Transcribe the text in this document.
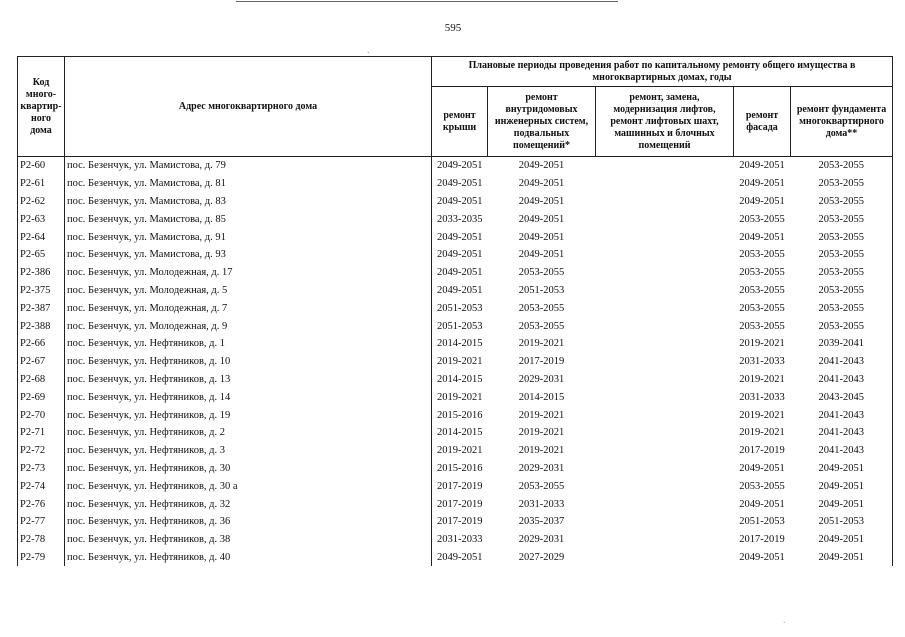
595
ˏ
Код много-квартир-ного дома	Адрес многоквартирного дома	Плановые периоды проведения работ по капитальному ремонту общего имущества в многоквартирных домах, годы				
		ремонт крыши	ремонт внутридомовых инженерных систем, подвальных помещений*	ремонт, замена, модернизация лифтов, ремонт лифтовых шахт, машинных и блочных помещений	ремонт фасада	ремонт фундамента многоквартирного дома**
Р2-60	пос. Безенчук, ул. Мамистова, д. 79	2049-2051	2049-2051		2049-2051	2053-2055
Р2-61	пос. Безенчук, ул. Мамистова, д. 81	2049-2051	2049-2051		2049-2051	2053-2055
Р2-62	пос. Безенчук, ул. Мамистова, д. 83	2049-2051	2049-2051		2049-2051	2053-2055
Р2-63	пос. Безенчук, ул. Мамистова, д. 85	2033-2035	2049-2051		2053-2055	2053-2055
Р2-64	пос. Безенчук, ул. Мамистова, д. 91	2049-2051	2049-2051		2049-2051	2053-2055
Р2-65	пос. Безенчук, ул. Мамистова, д. 93	2049-2051	2049-2051		2053-2055	2053-2055
Р2-386	пос. Безенчук, ул. Молодежная, д. 17	2049-2051	2053-2055		2053-2055	2053-2055
Р2-375	пос. Безенчук, ул. Молодежная, д. 5	2049-2051	2051-2053		2053-2055	2053-2055
Р2-387	пос. Безенчук, ул. Молодежная, д. 7	2051-2053	2053-2055		2053-2055	2053-2055
Р2-388	пос. Безенчук, ул. Молодежная, д. 9	2051-2053	2053-2055		2053-2055	2053-2055
Р2-66	пос. Безенчук, ул. Нефтяников, д. 1	2014-2015	2019-2021		2019-2021	2039-2041
Р2-67	пос. Безенчук, ул. Нефтяников, д. 10	2019-2021	2017-2019		2031-2033	2041-2043
Р2-68	пос. Безенчук, ул. Нефтяников, д. 13	2014-2015	2029-2031		2019-2021	2041-2043
Р2-69	пос. Безенчук, ул. Нефтяников, д. 14	2019-2021	2014-2015		2031-2033	2043-2045
Р2-70	пос. Безенчук, ул. Нефтяников, д. 19	2015-2016	2019-2021		2019-2021	2041-2043
Р2-71	пос. Безенчук, ул. Нефтяников, д. 2	2014-2015	2019-2021		2019-2021	2041-2043
Р2-72	пос. Безенчук, ул. Нефтяников, д. 3	2019-2021	2019-2021		2017-2019	2041-2043
Р2-73	пос. Безенчук, ул. Нефтяников, д. 30	2015-2016	2029-2031		2049-2051	2049-2051
Р2-74	пос. Безенчук, ул. Нефтяников, д. 30 а	2017-2019	2053-2055		2053-2055	2049-2051
Р2-76	пос. Безенчук, ул. Нефтяников, д. 32	2017-2019	2031-2033		2049-2051	2049-2051
Р2-77	пос. Безенчук, ул. Нефтяников, д. 36	2017-2019	2035-2037		2051-2053	2051-2053
Р2-78	пос. Безенчук, ул. Нефтяников, д. 38	2031-2033	2029-2031		2017-2019	2049-2051
Р2-79	пос. Безенчук, ул. Нефтяников, д. 40	2049-2051	2027-2029		2049-2051	2049-2051
ˏ
